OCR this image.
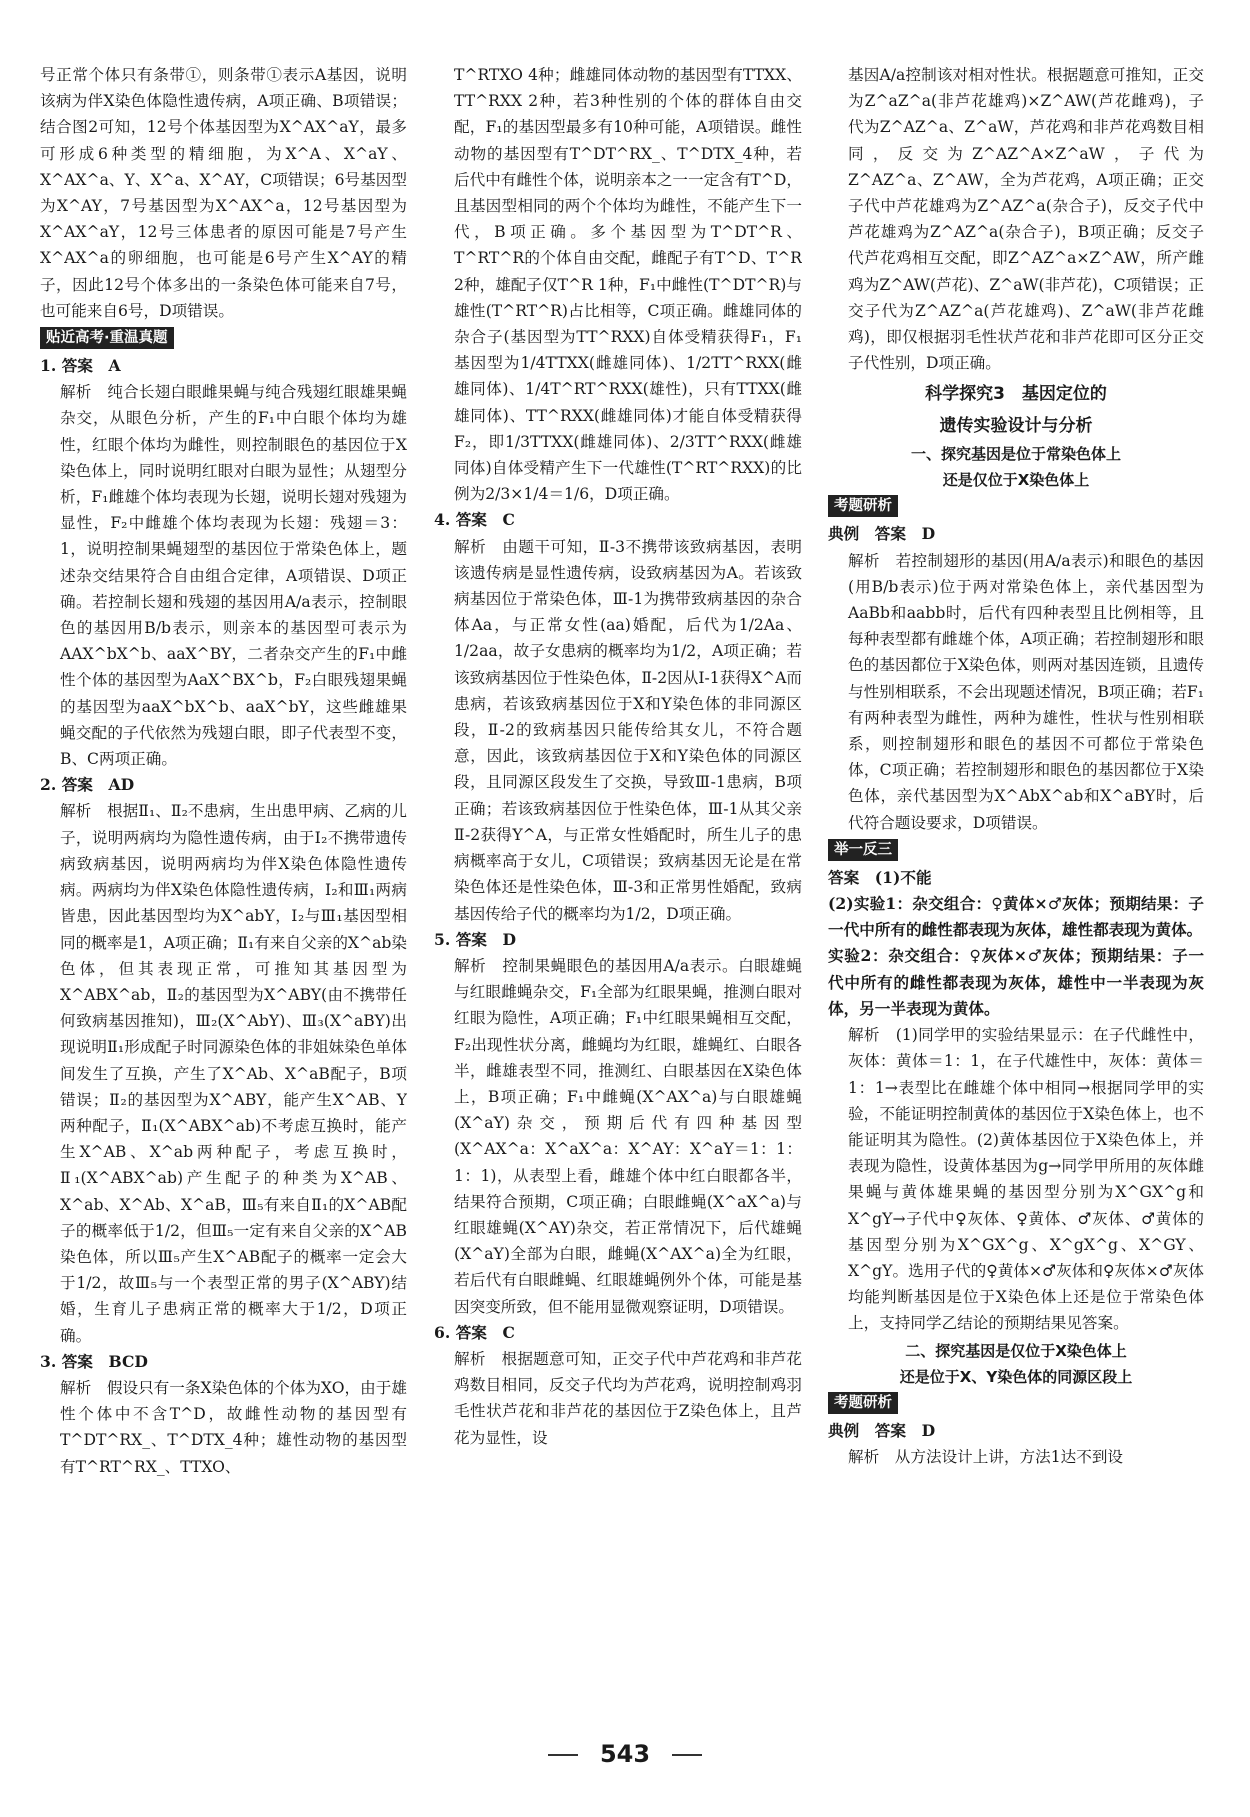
号正常个体只有条带①，则条带①表示A基因，说明该病为伴X染色体隐性遗传病，A项正确、B项错误；结合图2可知，12号个体基因型为X^AX^aY，最多可形成6种类型的精细胞，为X^A、X^aY、X^AX^a、Y、X^a、X^AY，C项错误；6号基因型为X^AY，7号基因型为X^AX^a，12号基因型为X^AX^aY，12号三体患者的原因可能是7号产生X^AX^a的卵细胞，也可能是6号产生X^AY的精子，因此12号个体多出的一条染色体可能来自7号，也可能来自6号，D项错误。

贴近高考·重温真题

1. 答案　A

解析　纯合长翅白眼雌果蝇与纯合残翅红眼雄果蝇杂交，从眼色分析，产生的F₁中白眼个体均为雄性，红眼个体均为雌性，则控制眼色的基因位于X染色体上，同时说明红眼对白眼为显性；从翅型分析，F₁雌雄个体均表现为长翅，说明长翅对残翅为显性，F₂中雌雄个体均表现为长翅：残翅＝3：1，说明控制果蝇翅型的基因位于常染色体上，题述杂交结果符合自由组合定律，A项错误、D项正确。若控制长翅和残翅的基因用A/a表示，控制眼色的基因用B/b表示，则亲本的基因型可表示为AAX^bX^b、aaX^BY，二者杂交产生的F₁中雌性个体的基因型为AaX^BX^b，F₂白眼残翅果蝇的基因型为aaX^bX^b、aaX^bY，这些雌雄果蝇交配的子代依然为残翅白眼，即子代表型不变，B、C两项正确。

2. 答案　AD

解析　根据Ⅱ₁、Ⅱ₂不患病，生出患甲病、乙病的儿子，说明两病均为隐性遗传病，由于Ⅰ₂不携带遗传病致病基因，说明两病均为伴X染色体隐性遗传病。两病均为伴X染色体隐性遗传病，Ⅰ₂和Ⅲ₁两病皆患，因此基因型均为X^abY，Ⅰ₂与Ⅲ₁基因型相同的概率是1，A项正确；Ⅱ₁有来自父亲的X^ab染色体，但其表现正常，可推知其基因型为X^ABX^ab，Ⅱ₂的基因型为X^ABY(由不携带任何致病基因推知)，Ⅲ₂(X^AbY)、Ⅲ₃(X^aBY)出现说明Ⅱ₁形成配子时同源染色体的非姐妹染色单体间发生了互换，产生了X^Ab、X^aB配子，B项错误；Ⅱ₂的基因型为X^ABY，能产生X^AB、Y两种配子，Ⅱ₁(X^ABX^ab)不考虑互换时，能产生X^AB、X^ab两种配子，考虑互换时，Ⅱ₁(X^ABX^ab)产生配子的种类为X^AB、X^ab、X^Ab、X^aB，Ⅲ₅有来自Ⅱ₁的X^AB配子的概率低于1/2，但Ⅲ₅一定有来自父亲的X^AB染色体，所以Ⅲ₅产生X^AB配子的概率一定会大于1/2，故Ⅲ₅与一个表型正常的男子(X^ABY)结婚，生育儿子患病正常的概率大于1/2，D项正确。

3. 答案　BCD

解析　假设只有一条X染色体的个体为XO，由于雄性个体中不含T^D，故雌性动物的基因型有T^DT^RX_、T^DTX_4种；雄性动物的基因型有T^RT^RX_、TTXO、

T^RTXO 4种；雌雄同体动物的基因型有TTXX、TT^RXX 2种，若3种性别的个体的群体自由交配，F₁的基因型最多有10种可能，A项错误。雌性动物的基因型有T^DT^RX_、T^DTX_4种，若后代中有雌性个体，说明亲本之一一定含有T^D，且基因型相同的两个个体均为雌性，不能产生下一代，B项正确。多个基因型为T^DT^R、T^RT^R的个体自由交配，雌配子有T^D、T^R 2种，雄配子仅T^R 1种，F₁中雌性(T^DT^R)与雄性(T^RT^R)占比相等，C项正确。雌雄同体的杂合子(基因型为TT^RXX)自体受精获得F₁，F₁基因型为1/4TTXX(雌雄同体)、1/2TT^RXX(雌雄同体)、1/4T^RT^RXX(雄性)，只有TTXX(雌雄同体)、TT^RXX(雌雄同体)才能自体受精获得F₂，即1/3TTXX(雌雄同体)、2/3TT^RXX(雌雄同体)自体受精产生下一代雄性(T^RT^RXX)的比例为2/3×1/4＝1/6，D项正确。

4. 答案　C

解析　由题干可知，Ⅱ-3不携带该致病基因，表明该遗传病是显性遗传病，设致病基因为A。若该致病基因位于常染色体，Ⅲ-1为携带致病基因的杂合体Aa，与正常女性(aa)婚配，后代为1/2Aa、1/2aa，故子女患病的概率均为1/2，A项正确；若该致病基因位于性染色体，Ⅱ-2因从Ⅰ-1获得X^A而患病，若该致病基因位于X和Y染色体的非同源区段，Ⅱ-2的致病基因只能传给其女儿，不符合题意，因此，该致病基因位于X和Y染色体的同源区段，且同源区段发生了交换，导致Ⅲ-1患病，B项正确；若该致病基因位于性染色体，Ⅲ-1从其父亲Ⅱ-2获得Y^A，与正常女性婚配时，所生儿子的患病概率高于女儿，C项错误；致病基因无论是在常染色体还是性染色体，Ⅲ-3和正常男性婚配，致病基因传给子代的概率均为1/2，D项正确。

5. 答案　D

解析　控制果蝇眼色的基因用A/a表示。白眼雄蝇与红眼雌蝇杂交，F₁全部为红眼果蝇，推测白眼对红眼为隐性，A项正确；F₁中红眼果蝇相互交配，F₂出现性状分离，雌蝇均为红眼，雄蝇红、白眼各半，雌雄表型不同，推测红、白眼基因在X染色体上，B项正确；F₁中雌蝇(X^AX^a)与白眼雄蝇(X^aY)杂交，预期后代有四种基因型(X^AX^a：X^aX^a：X^AY：X^aY＝1：1：1：1)，从表型上看，雌雄个体中红白眼都各半，结果符合预期，C项正确；白眼雌蝇(X^aX^a)与红眼雄蝇(X^AY)杂交，若正常情况下，后代雄蝇(X^aY)全部为白眼，雌蝇(X^AX^a)全为红眼，若后代有白眼雌蝇、红眼雄蝇例外个体，可能是基因突变所致，但不能用显微观察证明，D项错误。

6. 答案　C

解析　根据题意可知，正交子代中芦花鸡和非芦花鸡数目相同，反交子代均为芦花鸡，说明控制鸡羽毛性状芦花和非芦花的基因位于Z染色体上，且芦花为显性，设

基因A/a控制该对相对性状。根据题意可推知，正交为Z^aZ^a(非芦花雄鸡)×Z^AW(芦花雌鸡)，子代为Z^AZ^a、Z^aW，芦花鸡和非芦花鸡数目相同，反交为Z^AZ^A×Z^aW，子代为Z^AZ^a、Z^AW，全为芦花鸡，A项正确；正交子代中芦花雄鸡为Z^AZ^a(杂合子)，反交子代中芦花雄鸡为Z^AZ^a(杂合子)，B项正确；反交子代芦花鸡相互交配，即Z^AZ^a×Z^AW，所产雌鸡为Z^AW(芦花)、Z^aW(非芦花)，C项错误；正交子代为Z^AZ^a(芦花雄鸡)、Z^aW(非芦花雌鸡)，即仅根据羽毛性状芦花和非芦花即可区分正交子代性别，D项正确。

科学探究3　基因定位的
遗传实验设计与分析
一、探究基因是位于常染色体上
还是仅位于X染色体上
考题研析

典例　答案　D

解析　若控制翅形的基因(用A/a表示)和眼色的基因(用B/b表示)位于两对常染色体上，亲代基因型为AaBb和aabb时，后代有四种表型且比例相等，且每种表型都有雌雄个体，A项正确；若控制翅形和眼色的基因都位于X染色体，则两对基因连锁，且遗传与性别相联系，不会出现题述情况，B项正确；若F₁有两种表型为雌性，两种为雄性，性状与性别相联系，则控制翅形和眼色的基因不可都位于常染色体，C项正确；若控制翅形和眼色的基因都位于X染色体，亲代基因型为X^AbX^ab和X^aBY时，后代符合题设要求，D项错误。

举一反三

答案　(1)不能

(2)实验1：杂交组合：♀黄体×♂灰体；预期结果：子一代中所有的雌性都表现为灰体，雄性都表现为黄体。

实验2：杂交组合：♀灰体×♂灰体；预期结果：子一代中所有的雌性都表现为灰体，雄性中一半表现为灰体，另一半表现为黄体。

解析　(1)同学甲的实验结果显示：在子代雌性中，灰体：黄体＝1：1，在子代雄性中，灰体：黄体＝1：1→表型比在雌雄个体中相同→根据同学甲的实验，不能证明控制黄体的基因位于X染色体上，也不能证明其为隐性。(2)黄体基因位于X染色体上，并表现为隐性，设黄体基因为g→同学甲所用的灰体雌果蝇与黄体雄果蝇的基因型分别为X^GX^g和X^gY→子代中♀灰体、♀黄体、♂灰体、♂黄体的基因型分别为X^GX^g、X^gX^g、X^GY、X^gY。选用子代的♀黄体×♂灰体和♀灰体×♂灰体均能判断基因是位于X染色体上还是位于常染色体上，支持同学乙结论的预期结果见答案。

二、探究基因是仅位于X染色体上
还是位于X、Y染色体的同源区段上
考题研析

典例　答案　D

解析　从方法设计上讲，方法1达不到设

543
